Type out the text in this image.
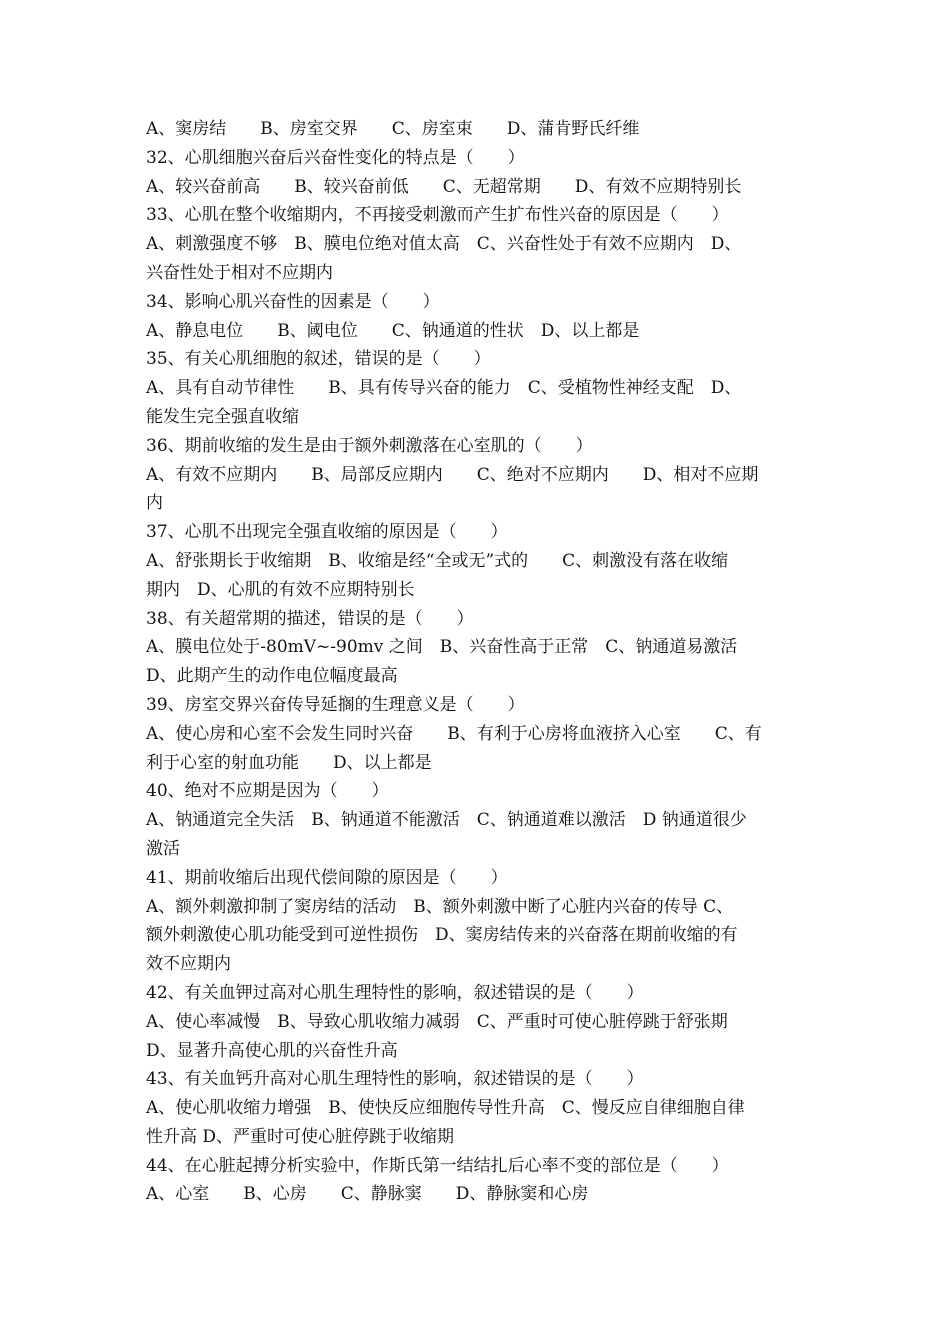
A、窦房结　　B、房室交界　　C、房室束　　D、蒲肯野氏纤维
32、心肌细胞兴奋后兴奋性变化的特点是（　　）
A、较兴奋前高　　B、较兴奋前低　　C、无超常期　　D、有效不应期特别长
33、心肌在整个收缩期内，不再接受刺激而产生扩布性兴奋的原因是（　　）
A、刺激强度不够　B、膜电位绝对值太高　C、兴奋性处于有效不应期内　D、
兴奋性处于相对不应期内
34、影响心肌兴奋性的因素是（　　）
A、静息电位　　B、阈电位　　C、钠通道的性状　D、以上都是
35、有关心肌细胞的叙述，错误的是（　　）
A、具有自动节律性　　B、具有传导兴奋的能力　C、受植物性神经支配　D、
能发生完全强直收缩
36、期前收缩的发生是由于额外刺激落在心室肌的（　　）
A、有效不应期内　　B、局部反应期内　　C、绝对不应期内　　D、相对不应期
内
37、心肌不出现完全强直收缩的原因是（　　）
A、舒张期长于收缩期　B、收缩是经“全或无”式的　　C、刺激没有落在收缩
期内　D、心肌的有效不应期特别长
38、有关超常期的描述，错误的是（　　）
A、膜电位处于-80mV~-90mv 之间　B、兴奋性高于正常　C、钠通道易激活
D、此期产生的动作电位幅度最高
39、房室交界兴奋传导延搁的生理意义是（　　）
A、使心房和心室不会发生同时兴奋　　B、有利于心房将血液挤入心室　　C、有
利于心室的射血功能　　D、以上都是
40、绝对不应期是因为（　　）
A、钠通道完全失活　B、钠通道不能激活　C、钠通道难以激活　D 钠通道很少
激活
41、期前收缩后出现代偿间隙的原因是（　　）
A、额外刺激抑制了窦房结的活动　B、额外刺激中断了心脏内兴奋的传导 C、
额外刺激使心肌功能受到可逆性损伤　D、窦房结传来的兴奋落在期前收缩的有
效不应期内
42、有关血钾过高对心肌生理特性的影响，叙述错误的是（　　）
A、使心率减慢　B、导致心肌收缩力减弱　C、严重时可使心脏停跳于舒张期
D、显著升高使心肌的兴奋性升高
43、有关血钙升高对心肌生理特性的影响，叙述错误的是（　　）
A、使心肌收缩力增强　B、使快反应细胞传导性升高　C、慢反应自律细胞自律
性升高 D、严重时可使心脏停跳于收缩期
44、在心脏起搏分析实验中，作斯氏第一结结扎后心率不变的部位是（　　）
A、心室　　B、心房　　C、静脉窦　　D、静脉窦和心房
